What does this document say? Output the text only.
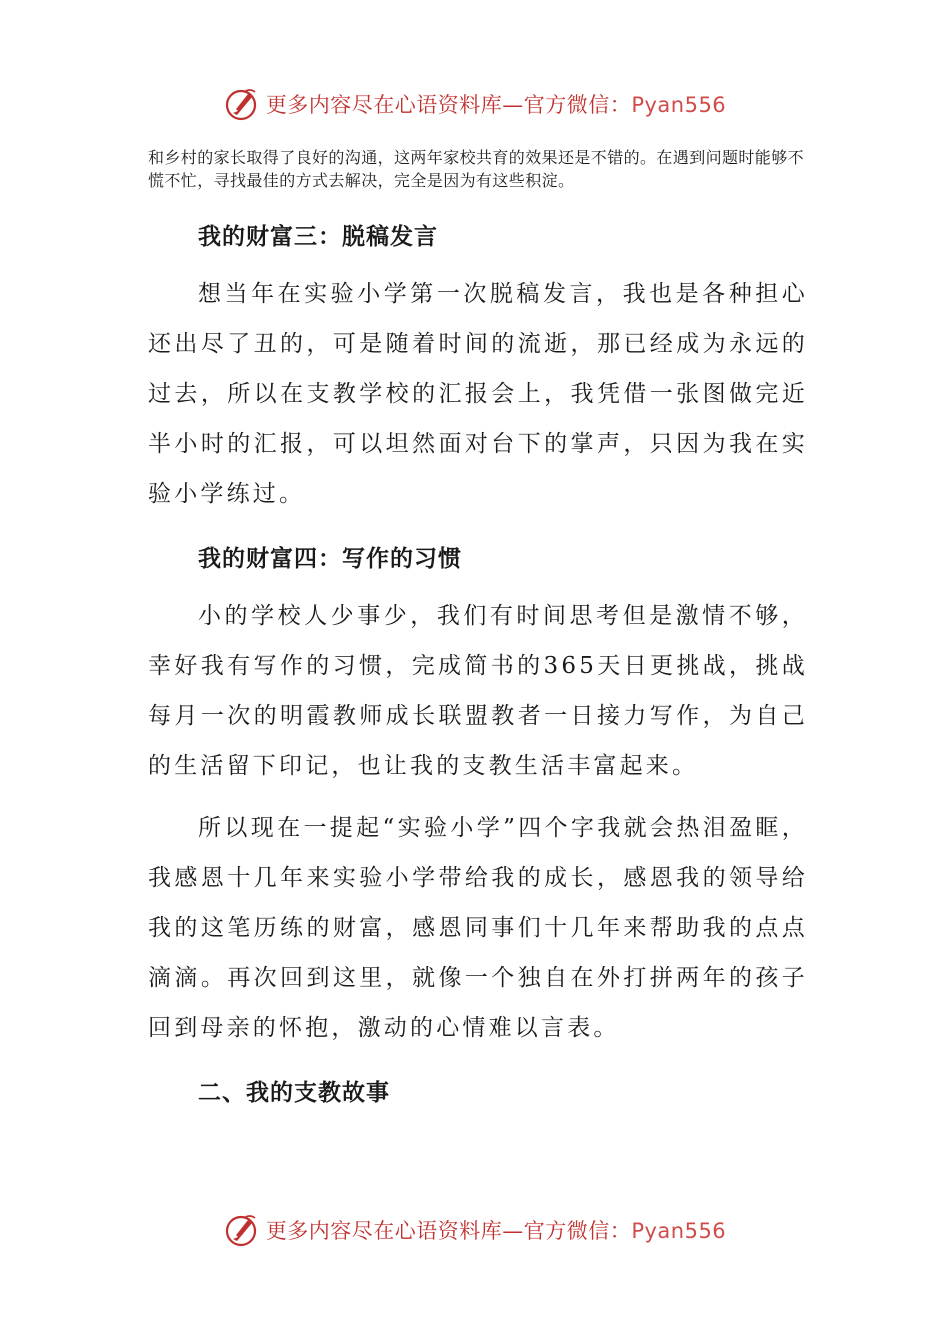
更多内容尽在心语资料库—官方微信：Pyan556

和乡村的家长取得了良好的沟通，这两年家校共育的效果还是不错的。在遇到问题时能够不慌不忙，寻找最佳的方式去解决，完全是因为有这些积淀。

我的财富三：脱稿发言

想当年在实验小学第一次脱稿发言，我也是各种担心还出尽了丑的，可是随着时间的流逝，那已经成为永远的过去，所以在支教学校的汇报会上，我凭借一张图做完近半小时的汇报，可以坦然面对台下的掌声，只因为我在实验小学练过。

我的财富四：写作的习惯

小的学校人少事少，我们有时间思考但是激情不够，幸好我有写作的习惯，完成简书的365天日更挑战，挑战每月一次的明霞教师成长联盟教者一日接力写作，为自己的生活留下印记，也让我的支教生活丰富起来。

所以现在一提起“实验小学”四个字我就会热泪盈眶，我感恩十几年来实验小学带给我的成长，感恩我的领导给我的这笔历练的财富，感恩同事们十几年来帮助我的点点滴滴。再次回到这里，就像一个独自在外打拼两年的孩子回到母亲的怀抱，激动的心情难以言表。

二、我的支教故事
更多内容尽在心语资料库—官方微信：Pyan556
